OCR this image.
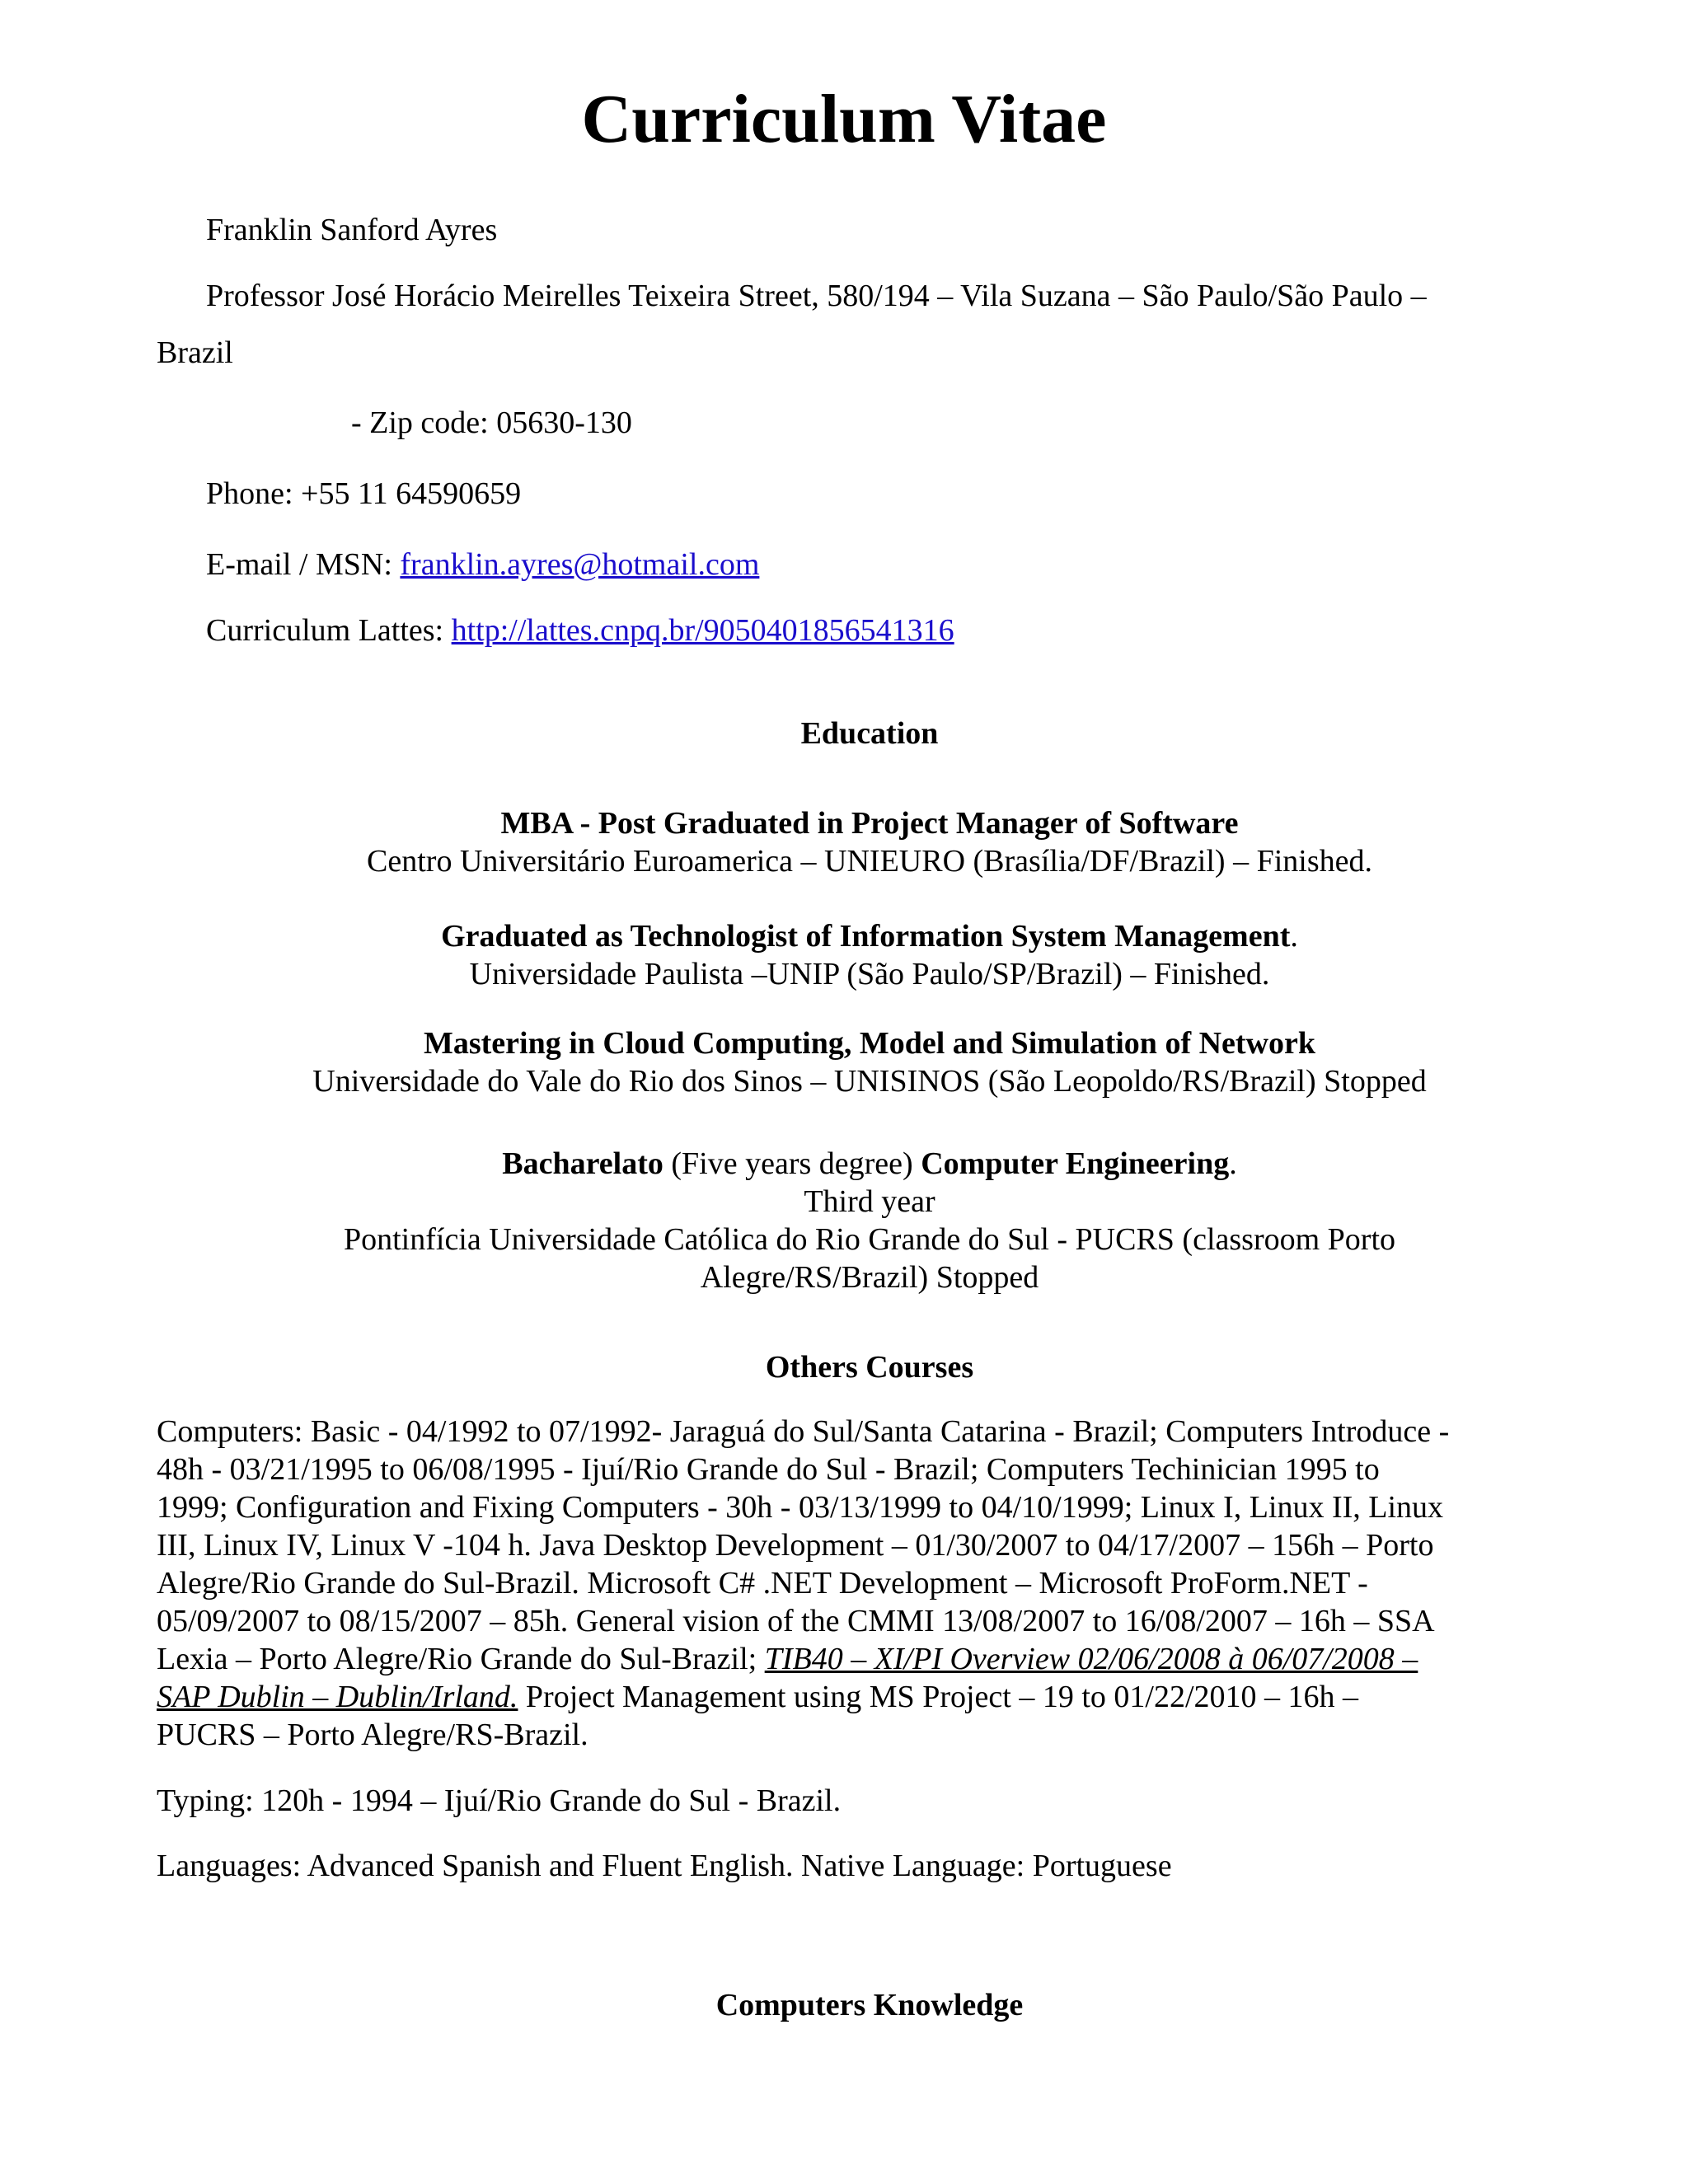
Curriculum Vitae
Franklin Sanford Ayres
Professor José Horácio Meirelles Teixeira Street, 580/194 – Vila Suzana – São Paulo/São Paulo –
Brazil
- Zip code: 05630-130
Phone: +55 11 64590659
E-mail / MSN: franklin.ayres@hotmail.com
Curriculum Lattes: http://lattes.cnpq.br/9050401856541316
Education
MBA - Post Graduated in Project Manager of Software
Centro Universitário Euroamerica – UNIEURO (Brasília/DF/Brazil) – Finished.
Graduated as Technologist of Information System Management.
Universidade Paulista –UNIP (São Paulo/SP/Brazil) – Finished.
Mastering in Cloud Computing, Model and Simulation of Network
Universidade do Vale do Rio dos Sinos – UNISINOS (São Leopoldo/RS/Brazil) Stopped
Bacharelato (Five years degree) Computer Engineering.
Third year
Pontinfícia Universidade Católica do Rio Grande do Sul - PUCRS (classroom Porto
Alegre/RS/Brazil) Stopped
Others Courses
Computers: Basic - 04/1992 to 07/1992- Jaraguá do Sul/Santa Catarina - Brazil; Computers Introduce -
48h - 03/21/1995 to 06/08/1995 - Ijuí/Rio Grande do Sul - Brazil; Computers Techinician 1995 to
1999; Configuration and Fixing Computers - 30h - 03/13/1999 to 04/10/1999; Linux I, Linux II, Linux
III, Linux IV, Linux V -104 h. Java Desktop Development – 01/30/2007 to 04/17/2007 – 156h – Porto
Alegre/Rio Grande do Sul-Brazil. Microsoft C# .NET Development – Microsoft ProForm.NET -
05/09/2007 to 08/15/2007 – 85h. General vision of the CMMI 13/08/2007 to 16/08/2007 – 16h – SSA
Lexia – Porto Alegre/Rio Grande do Sul-Brazil; TIB40 – XI/PI Overview 02/06/2008 à 06/07/2008 –
SAP Dublin – Dublin/Irland. Project Management using MS Project – 19 to 01/22/2010 – 16h –
PUCRS – Porto Alegre/RS-Brazil.
Typing: 120h - 1994 – Ijuí/Rio Grande do Sul - Brazil.
Languages: Advanced Spanish and Fluent English. Native Language: Portuguese
Computers Knowledge
